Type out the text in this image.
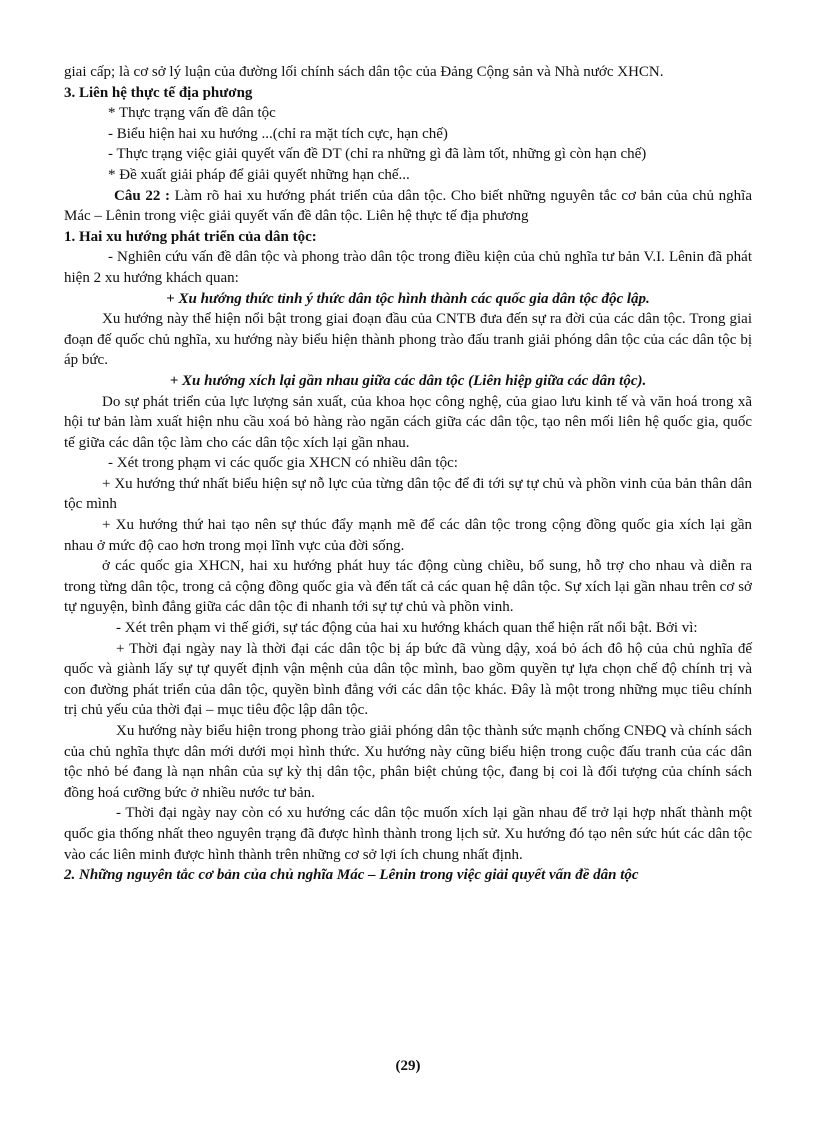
giai cấp; là cơ sở lý luận của đường lối chính sách dân tộc của Đảng Cộng sản và Nhà nước XHCN.

3. Liên hệ thực tế địa phương

* Thực trạng vấn đề dân tộc

- Biểu hiện hai xu hướng ...(chỉ ra mặt tích cực, hạn chế)

- Thực trạng việc giải quyết vấn đề DT (chỉ ra những gì đã làm tốt, những gì còn hạn chế)

* Đề xuất giải pháp để giải quyết những hạn chế...

Câu 22 : Làm rõ hai xu hướng phát triển của dân tộc. Cho biết những nguyên tắc cơ bản của chủ nghĩa Mác – Lênin trong việc giải quyết vấn đề dân tộc. Liên hệ thực tế địa phương

1. Hai xu hướng phát triển của dân tộc:

- Nghiên cứu vấn đề dân tộc và phong trào dân tộc trong điều kiện của chủ nghĩa tư bản V.I. Lênin đã phát hiện 2 xu hướng khách quan:

+ Xu hướng thức tỉnh ý thức dân tộc hình thành các quốc gia dân tộc độc lập.

Xu hướng này thể hiện nổi bật trong giai đoạn đầu của CNTB đưa đến sự ra đời của các dân tộc. Trong giai đoạn đế quốc chủ nghĩa, xu hướng này biểu hiện thành phong trào đấu tranh giải phóng dân tộc của các dân tộc bị áp bức.

+ Xu hướng xích lại gần nhau giữa các dân tộc (Liên hiệp giữa các dân tộc).

Do sự phát triển của lực lượng sản xuất, của khoa học công nghệ, của giao lưu kinh tế và văn hoá trong xã hội tư bản làm xuất hiện nhu cầu xoá bỏ hàng rào ngăn cách giữa các dân tộc, tạo nên mối liên hệ quốc gia, quốc tế giữa các dân tộc làm cho các dân tộc xích lại gần nhau.

- Xét trong phạm vi các quốc gia XHCN có nhiều dân tộc:

+ Xu hướng thứ nhất biểu hiện sự nỗ lực của từng dân tộc để đi tới sự tự chủ và phồn vinh của bản thân dân tộc mình

+ Xu hướng thứ hai tạo nên sự thúc đẩy mạnh mẽ để các dân tộc trong cộng đồng quốc gia xích lại gần nhau ở mức độ cao hơn trong mọi lĩnh vực của đời sống.

ở các quốc gia XHCN, hai xu hướng phát huy tác động cùng chiều, bổ sung, hỗ trợ cho nhau và diễn ra trong từng dân tộc, trong cả cộng đồng quốc gia và đến tất cả các quan hệ dân tộc. Sự xích lại gần nhau trên cơ sở tự nguyện, bình đẳng giữa các dân tộc đi nhanh tới sự tự chủ và phồn vinh.

- Xét trên phạm vi thế giới, sự tác động của hai xu hướng khách quan thể hiện rất nổi bật. Bởi vì:

+ Thời đại ngày nay là thời đại các dân tộc bị áp bức đã vùng dậy, xoá bỏ ách đô hộ của chủ nghĩa đế quốc và giành lấy sự tự quyết định vận mệnh của dân tộc mình, bao gồm quyền tự lựa chọn chế độ chính trị và con đường phát triển của dân tộc, quyền bình đẳng với các dân tộc khác. Đây là một trong những mục tiêu chính trị chủ yếu của thời đại – mục tiêu độc lập dân tộc.

Xu hướng này biểu hiện trong phong trào giải phóng dân tộc thành sức mạnh chống CNĐQ và chính sách của chủ nghĩa thực dân mới dưới mọi hình thức. Xu hướng này cũng biểu hiện trong cuộc đấu tranh của các dân tộc nhỏ bé đang là nạn nhân của sự kỳ thị dân tộc, phân biệt chủng tộc, đang bị coi là đối tượng của chính sách đồng hoá cưỡng bức ở nhiều nước tư bản.

- Thời đại ngày nay còn có xu hướng các dân tộc muốn xích lại gần nhau để trở lại hợp nhất thành một quốc gia thống nhất theo nguyên trạng đã được hình thành trong lịch sử. Xu hướng đó tạo nên sức hút các dân tộc vào các liên minh được hình thành trên những cơ sở lợi ích chung nhất định.

2. Những nguyên tắc cơ bản của chủ nghĩa Mác – Lênin trong việc giải quyết vấn đề dân tộc

(29)
